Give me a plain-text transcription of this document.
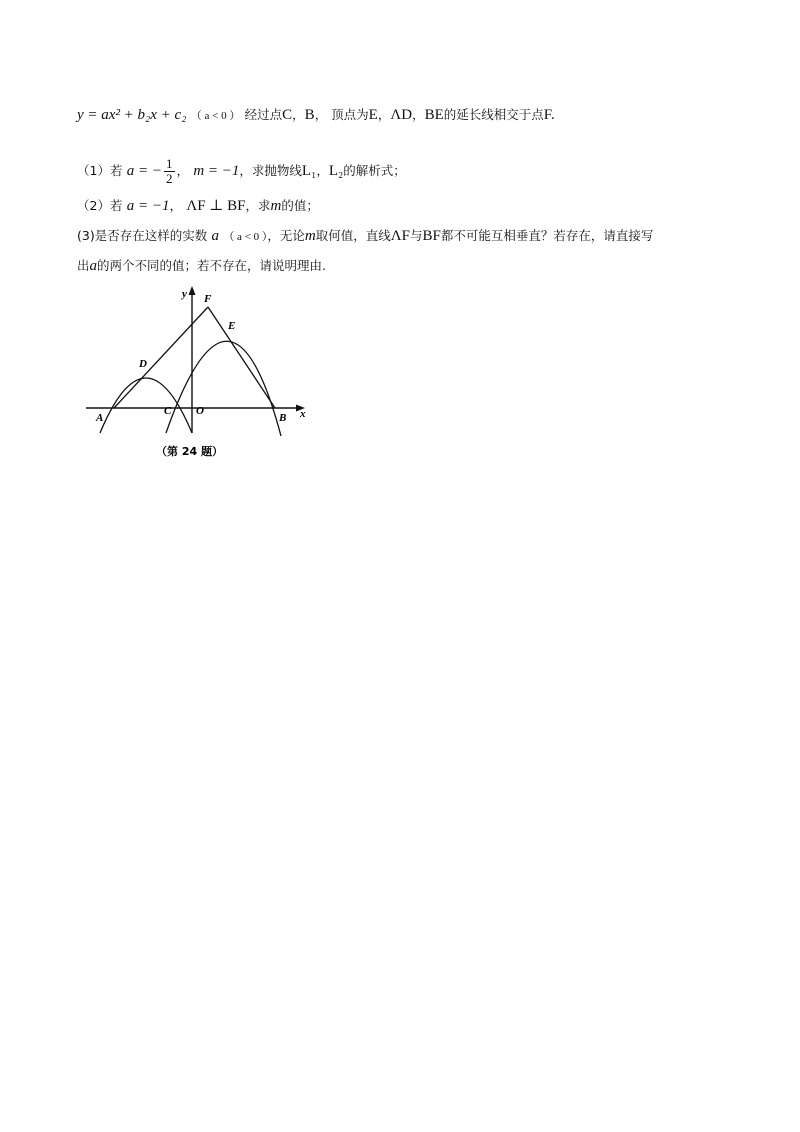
y = ax² + b₂x + c₂ （ a < 0 ） 经过点C，B， 顶点为E，ΛD，BE的延长线相交于点F.
（1）若 a = − $\frac{1}{2}$ ， m = −1，求抛物线L₁，L₂的解析式；
（2）若 a = −1， ΛF ⊥ BF，求m的值；
(3)是否存在这样的实数 a （ a < 0 ），无论m取何值，直线ΛF与BF都不可能互相垂直？若存在，请直接写
出a的两个不同的值；若不存在，请说明理由.
y F
E
D
A
C O
B x
（第 24 题）
